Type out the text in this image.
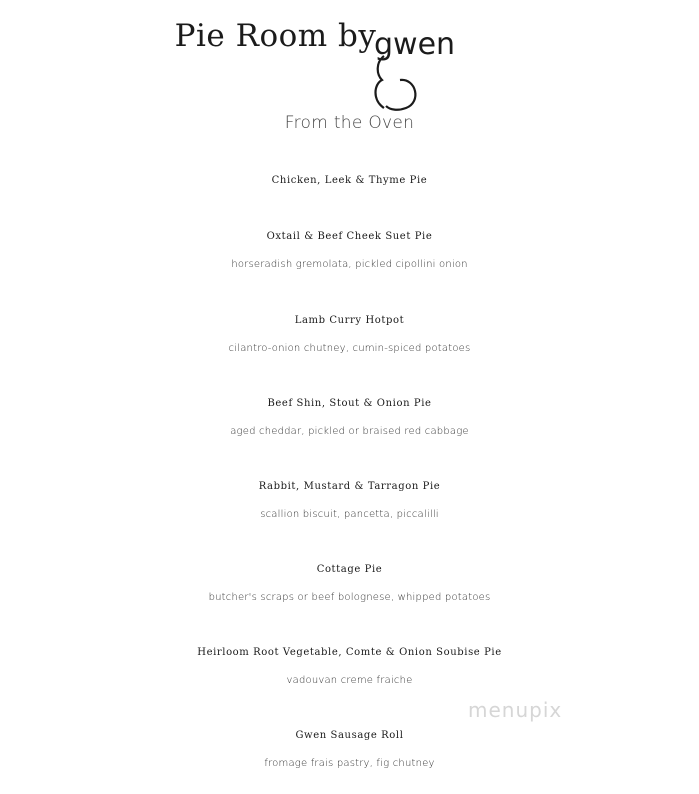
Pie Room by
gwen
From the Oven
Chicken, Leek & Thyme Pie
Oxtail & Beef Cheek Suet Pie
horseradish gremolata, pickled cipollini onion
Lamb Curry Hotpot
cilantro-onion chutney, cumin-spiced potatoes
Beef Shin, Stout & Onion Pie
aged cheddar, pickled or braised red cabbage
Rabbit, Mustard & Tarragon Pie
scallion biscuit, pancetta, piccalilli
Cottage Pie
butcher's scraps or beef bolognese, whipped potatoes
Heirloom Root Vegetable, Comte & Onion Soubise Pie
vadouvan creme fraiche
Gwen Sausage Roll
fromage frais pastry, fig chutney
menupix
